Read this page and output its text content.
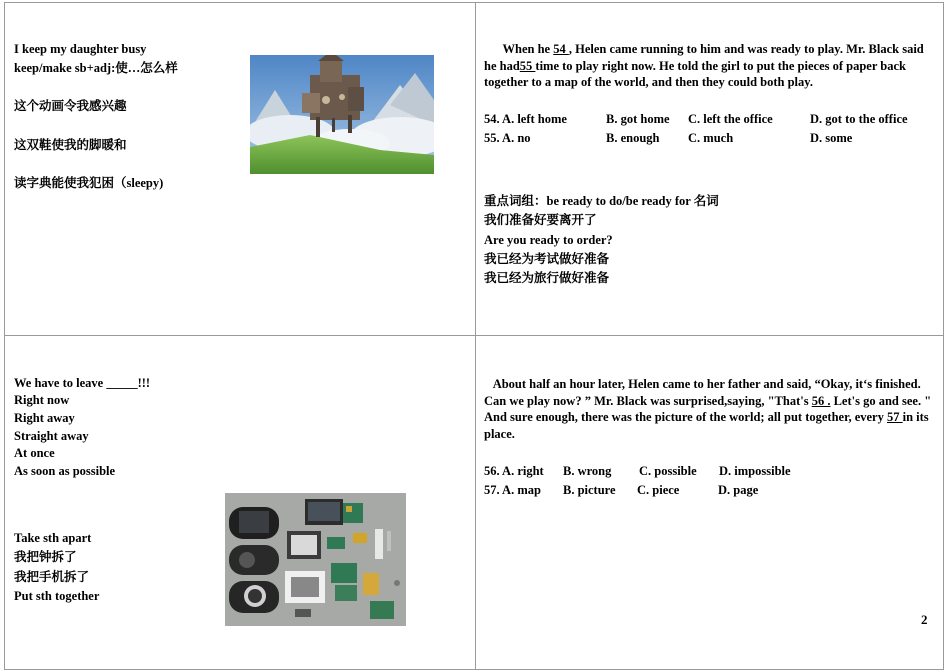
I keep my daughter busy
keep/make sb+adj:使…怎么样
这个动画令我感兴趣
这双鞋使我的脚暖和
读字典能使我犯困（sleepy)
When he 54 , Helen came running to him and was ready to play. Mr. Black said he had55 time to play right now. He told the girl to put the pieces of paper back together to a map of the world, and then they could both play.
54. A. left home	B. got home C. left the office	D. got to the office
55. A. no	B. enough C. much	D. some
重点词组：be ready to do/be ready for 名词
我们准备好要离开了
Are you ready to order?
我已经为考试做好准备
我已经为旅行做好准备
We have to leave _____!!!
Right now
Right away
Straight away
At once
As soon as possible
Take sth apart
我把钟拆了
我把手机拆了
Put sth together
About half an hour later, Helen came to her father and said, “Okay, it‘s finished. Can we play now? ” Mr. Black was surprised,saying, "That's 56 . Let's go and see. " And sure enough, there was the picture of the world; all put together, every 57 in its place.
56. A. right B. wrong C. possible D. impossible
57. A. map B. picture C. piece	D. page
2
